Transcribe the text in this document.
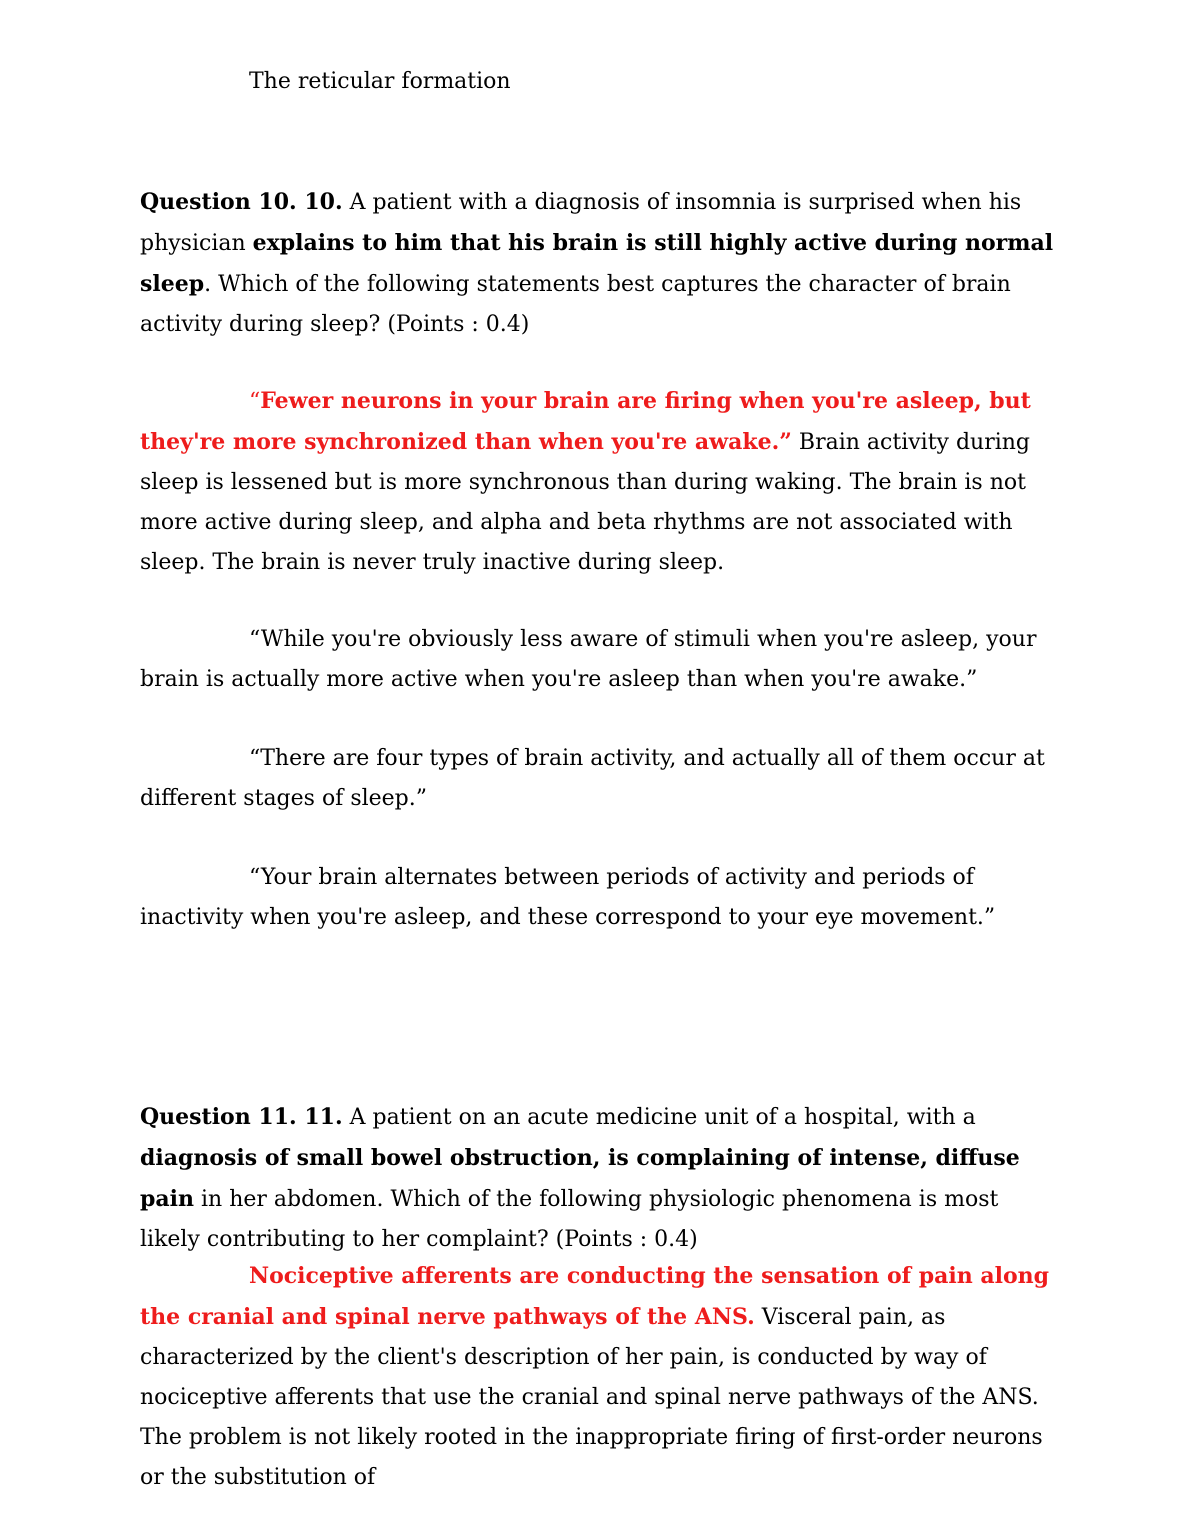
The reticular formation

Question 10. 10. A patient with a diagnosis of insomnia is surprised when his physician explains to him that his brain is still highly active during normal sleep. Which of the following statements best captures the character of brain activity during sleep? (Points : 0.4)

“Fewer neurons in your brain are firing when you're asleep, but they're more synchronized than when you're awake.” Brain activity during sleep is lessened but is more synchronous than during waking. The brain is not more active during sleep, and alpha and beta rhythms are not associated with sleep. The brain is never truly inactive during sleep.

“While you're obviously less aware of stimuli when you're asleep, your brain is actually more active when you're asleep than when you're awake.”

“There are four types of brain activity, and actually all of them occur at different stages of sleep.”

“Your brain alternates between periods of activity and periods of inactivity when you're asleep, and these correspond to your eye movement.”

Question 11. 11. A patient on an acute medicine unit of a hospital, with a diagnosis of small bowel obstruction, is complaining of intense, diffuse pain in her abdomen. Which of the following physiologic phenomena is most likely contributing to her complaint? (Points : 0.4)

Nociceptive afferents are conducting the sensation of pain along the cranial and spinal nerve pathways of the ANS. Visceral pain, as characterized by the client's description of her pain, is conducted by way of nociceptive afferents that use the cranial and spinal nerve pathways of the ANS. The problem is not likely rooted in the inappropriate firing of first-order neurons or the substitution of
